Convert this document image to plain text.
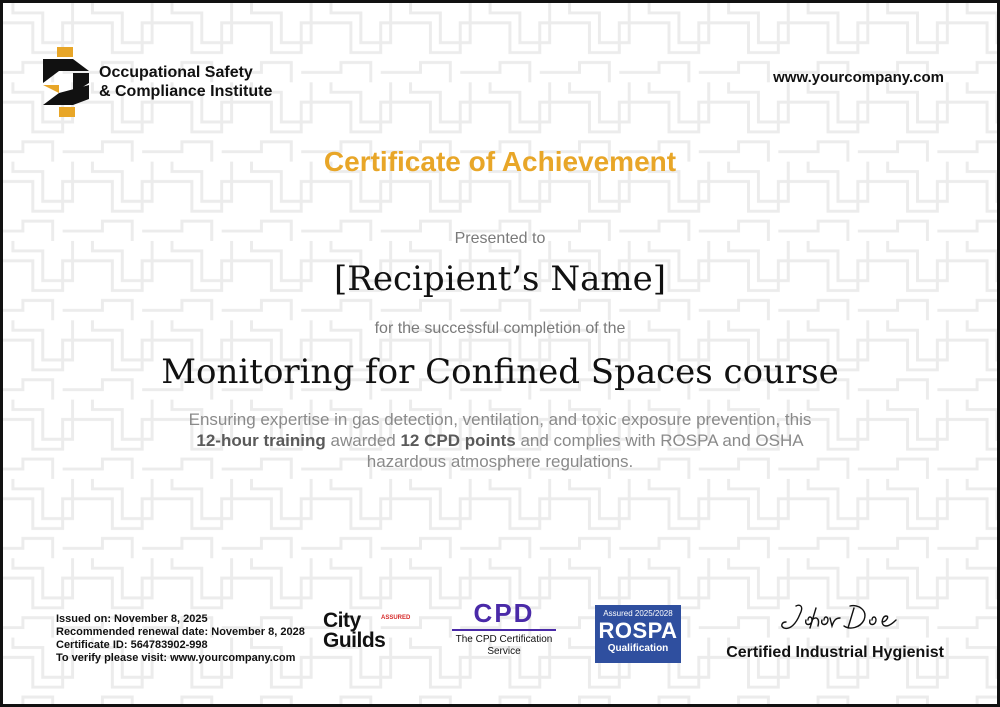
Occupational Safety
& Compliance Institute
www.yourcompany.com
Certificate of Achievement
Presented to
[Recipient’s Name]
for the successful completion of the
Monitoring for Confined Spaces course
Ensuring expertise in gas detection, ventilation, and toxic exposure prevention, this 12-hour training awarded 12 CPD points and complies with ROSPA and OSHA hazardous atmosphere regulations.
Issued on: November 8, 2025
Recommended renewal date: November 8, 2028
Certificate ID: 564783902-998
To verify please visit: www.yourcompany.com
City
Guilds
ASSURED	CPD
The CPD Certification
Service
Assured 2025/2028
ROSPA
Qualification	Certified Industrial Hygienist
